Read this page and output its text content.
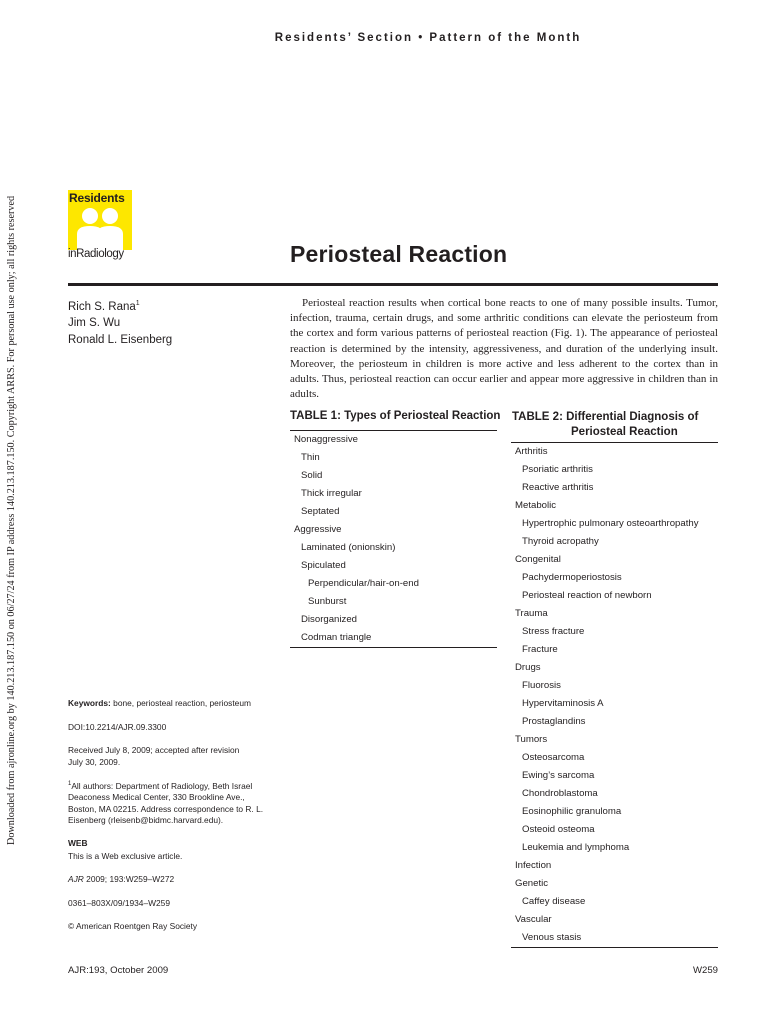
Residents’ Section • Pattern of the Month
Downloaded from ajronline.org by 140.213.187.150 on 06/27/24 from IP address 140.213.187.150. Copyright ARRS. For personal use only; all rights reserved	Residents
inRadiology	Periosteal Reaction
Rich S. Rana$^1$
Jim S. Wu
Ronald L. Eisenberg

Periosteal reaction results when cortical bone reacts to one of many possible insults. Tumor, infection, trauma, certain drugs, and some arthritic conditions can elevate the periosteum from the cortex and form various patterns of periosteal reaction (Fig. 1). The appearance of periosteal reaction is determined by the intensity, aggressiveness, and duration of the underlying insult. Moreover, the periosteum in children is more active and less adherent to the cortex than in adults. Thus, periosteal reaction can occur earlier and appear more aggressive in children than in adults.

TABLE 1: Types of Periosteal Reaction
Nonaggressive
Thin
Solid
Thick irregular
Septated
Aggressive
Laminated (onionskin)
Spiculated
Perpendicular/hair-on-end
Sunburst
Disorganized
Codman triangle
TABLE 2: Differential Diagnosis of
Periosteal Reaction
Arthritis
Psoriatic arthritis
Reactive arthritis
Metabolic
Hypertrophic pulmonary osteoarthropathy
Thyroid acropathy
Congenital
Pachydermoperiostosis
Periosteal reaction of newborn
Trauma
Stress fracture
Fracture
Drugs
Fluorosis
Hypervitaminosis A
Prostaglandins
Tumors
Osteosarcoma
Ewing’s sarcoma
Chondroblastoma
Eosinophilic granuloma
Osteoid osteoma
Leukemia and lymphoma
Infection
Genetic
Caffey disease
Vascular
Venous stasis
Keywords: bone, periosteal reaction, periosteum
DOI:10.2214/AJR.09.3300
Received July 8, 2009; accepted after revision July 30, 2009.
$^1$All authors: Department of Radiology, Beth Israel Deaconess Medical Center, 330 Brookline Ave., Boston, MA 02215. Address correspondence to R. L. Eisenberg (rleisenb@bidmc.harvard.edu).
WEB
This is a Web exclusive article.
AJR 2009; 193:W259–W272
0361–803X/09/1934–W259
© American Roentgen Ray Society
AJR:193, October 2009	W259
